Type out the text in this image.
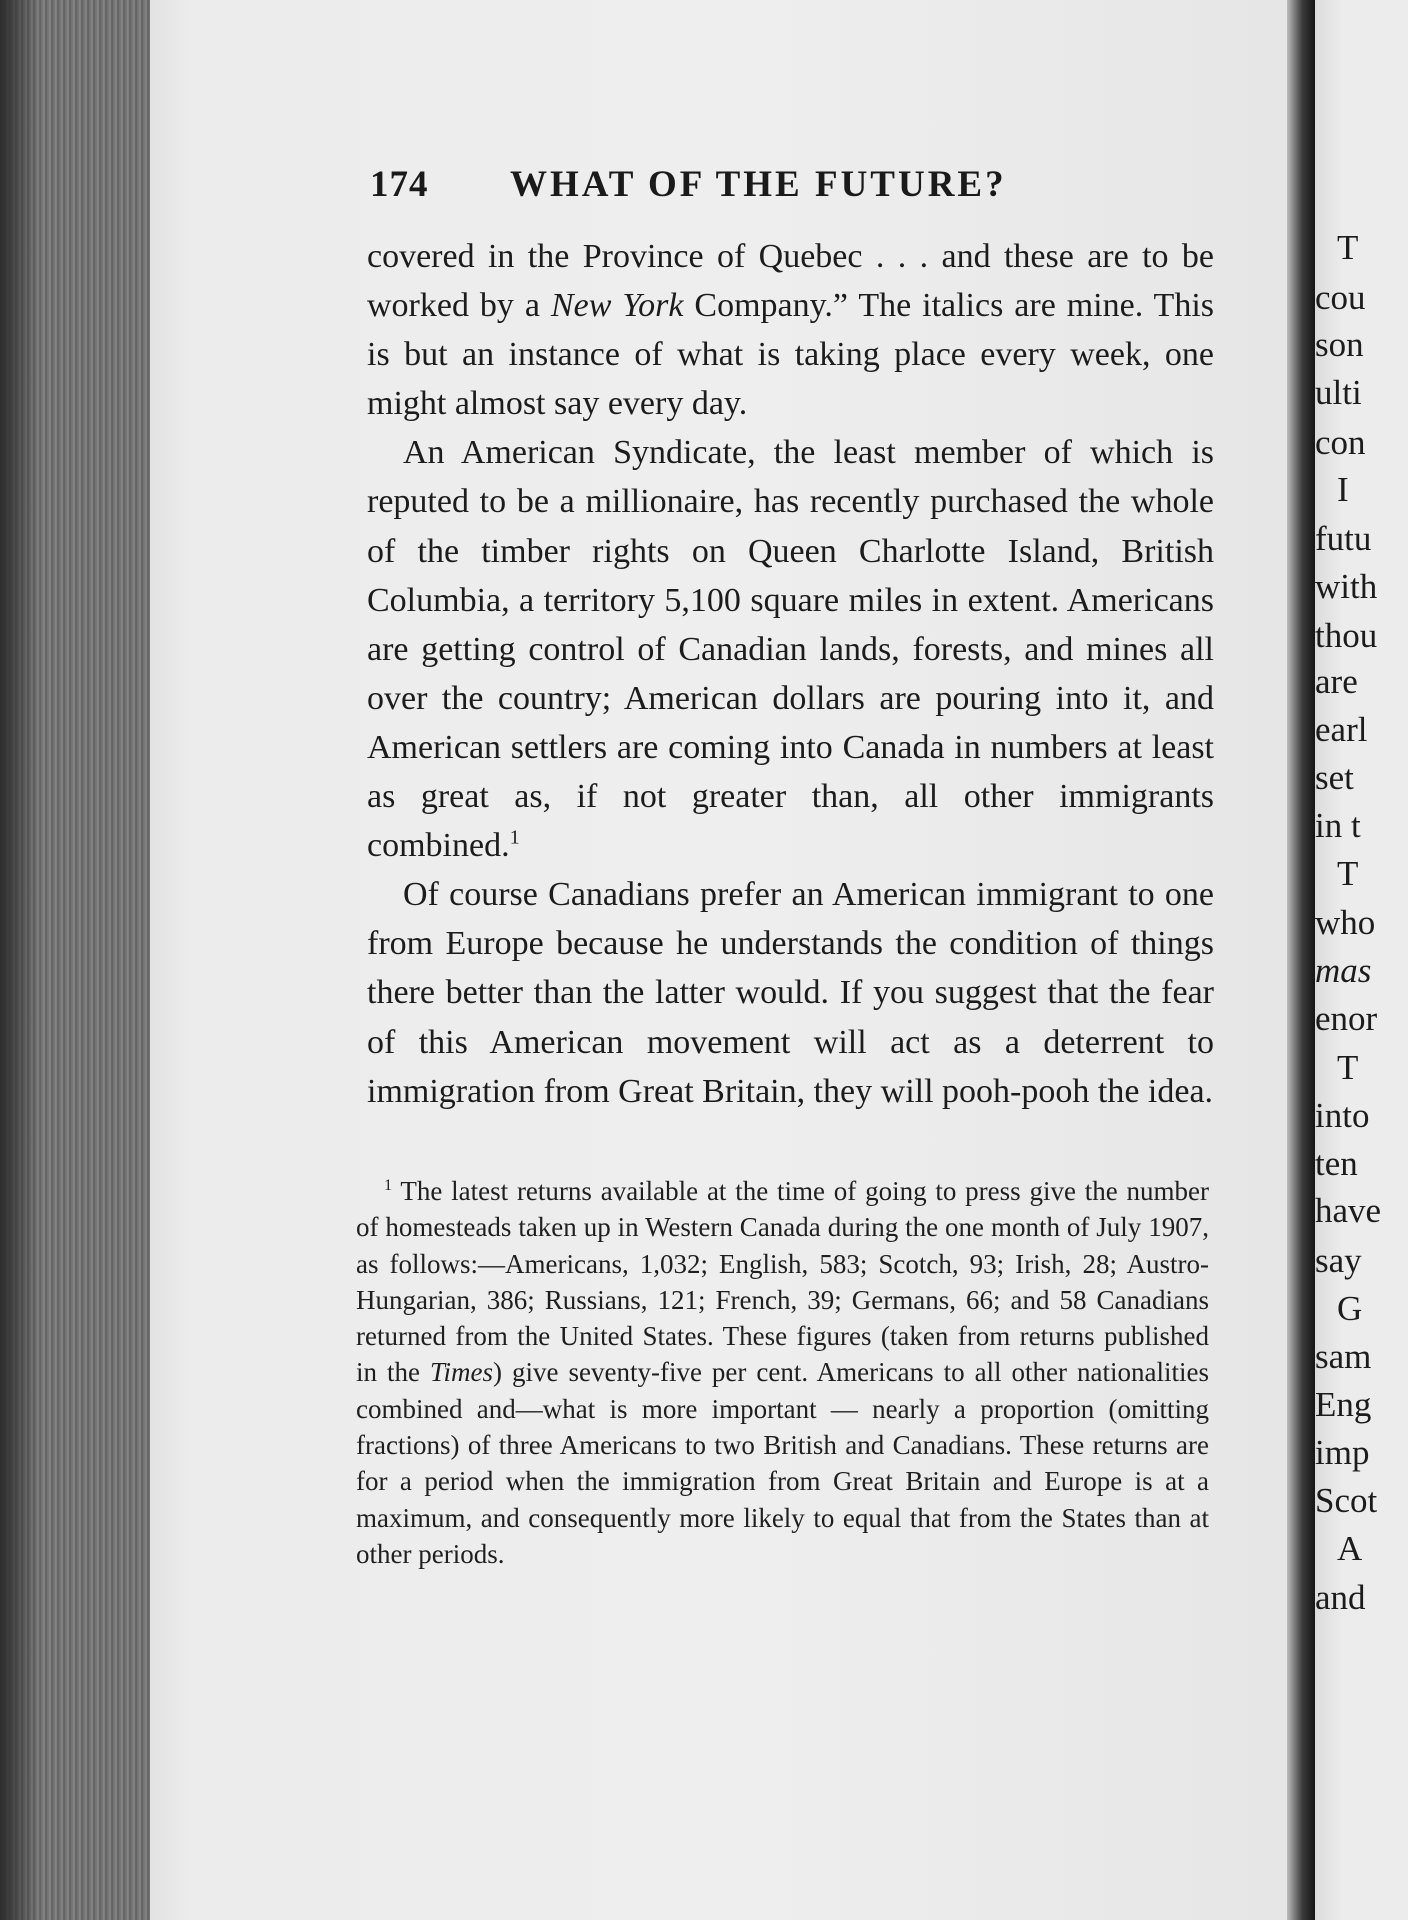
174 WHAT OF THE FUTURE?

covered in the Province of Quebec . . . and these are to be worked by a New York Company.” The italics are mine. This is but an instance of what is taking place every week, one might almost say every day.

An American Syndicate, the least member of which is reputed to be a millionaire, has recently purchased the whole of the timber rights on Queen Charlotte Island, British Columbia, a territory 5,100 square miles in extent. Americans are getting control of Canadian lands, forests, and mines all over the country; American dollars are pouring into it, and American settlers are coming into Canada in numbers at least as great as, if not greater than, all other immigrants combined.$^1$

Of course Canadians prefer an American immigrant to one from Europe because he understands the condition of things there better than the latter would. If you suggest that the fear of this American movement will act as a deterrent to immigration from Great Britain, they will pooh-pooh the idea.

$^1$ The latest returns available at the time of going to press give the number of homesteads taken up in Western Canada during the one month of July 1907, as follows:—Americans, 1,032; English, 583; Scotch, 93; Irish, 28; Austro-Hungarian, 386; Russians, 121; French, 39; Germans, 66; and 58 Canadians returned from the United States. These figures (taken from returns published in the Times) give seventy-five per cent. Americans to all other nationalities combined and—what is more important — nearly a proportion (omitting fractions) of three Americans to two British and Canadians. These returns are for a period when the immigration from Great Britain and Europe is at a maximum, and consequently more likely to equal that from the States than at other periods.
T
cou
son
ulti
con
I
futu
with
thou
are
earl
set
in t
T
who
mas
enor
T
into
ten
have
say
G
sam
Eng
imp
Scot
A
and
